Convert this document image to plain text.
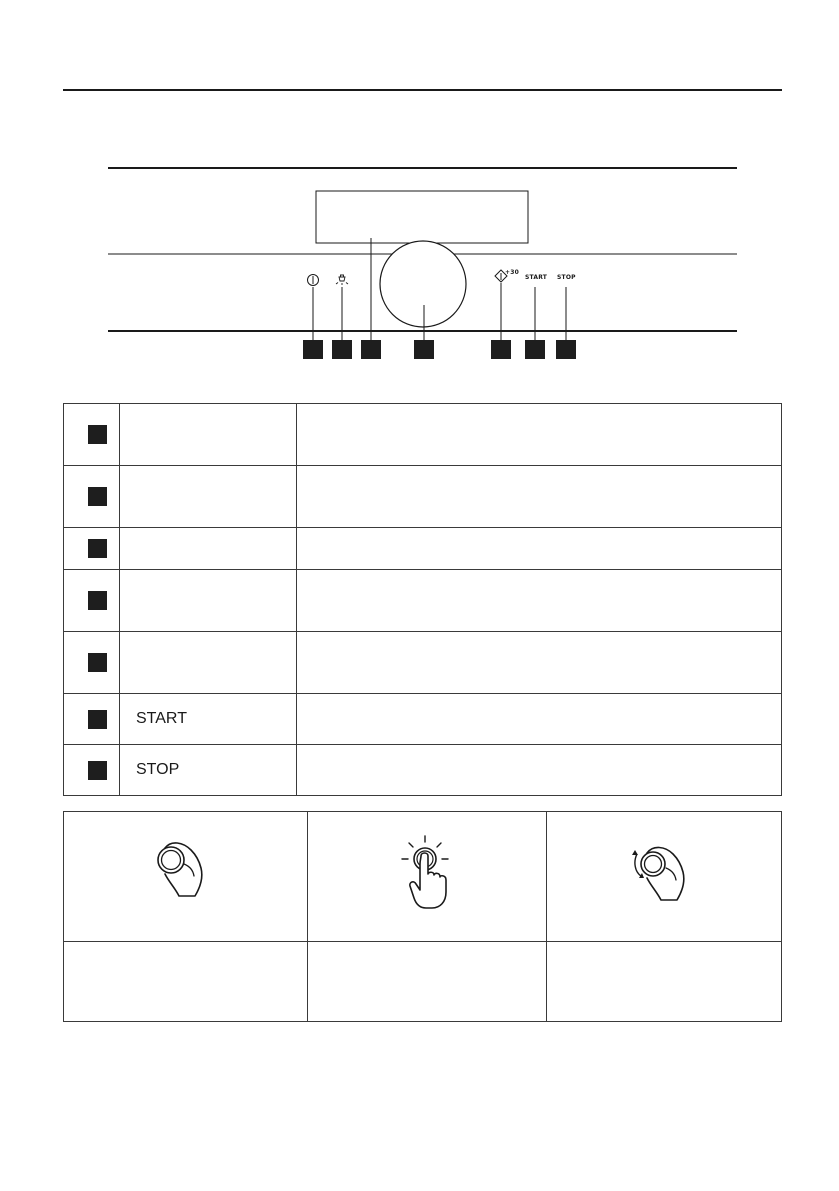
+30
START STOP

	START	

	STOP	
